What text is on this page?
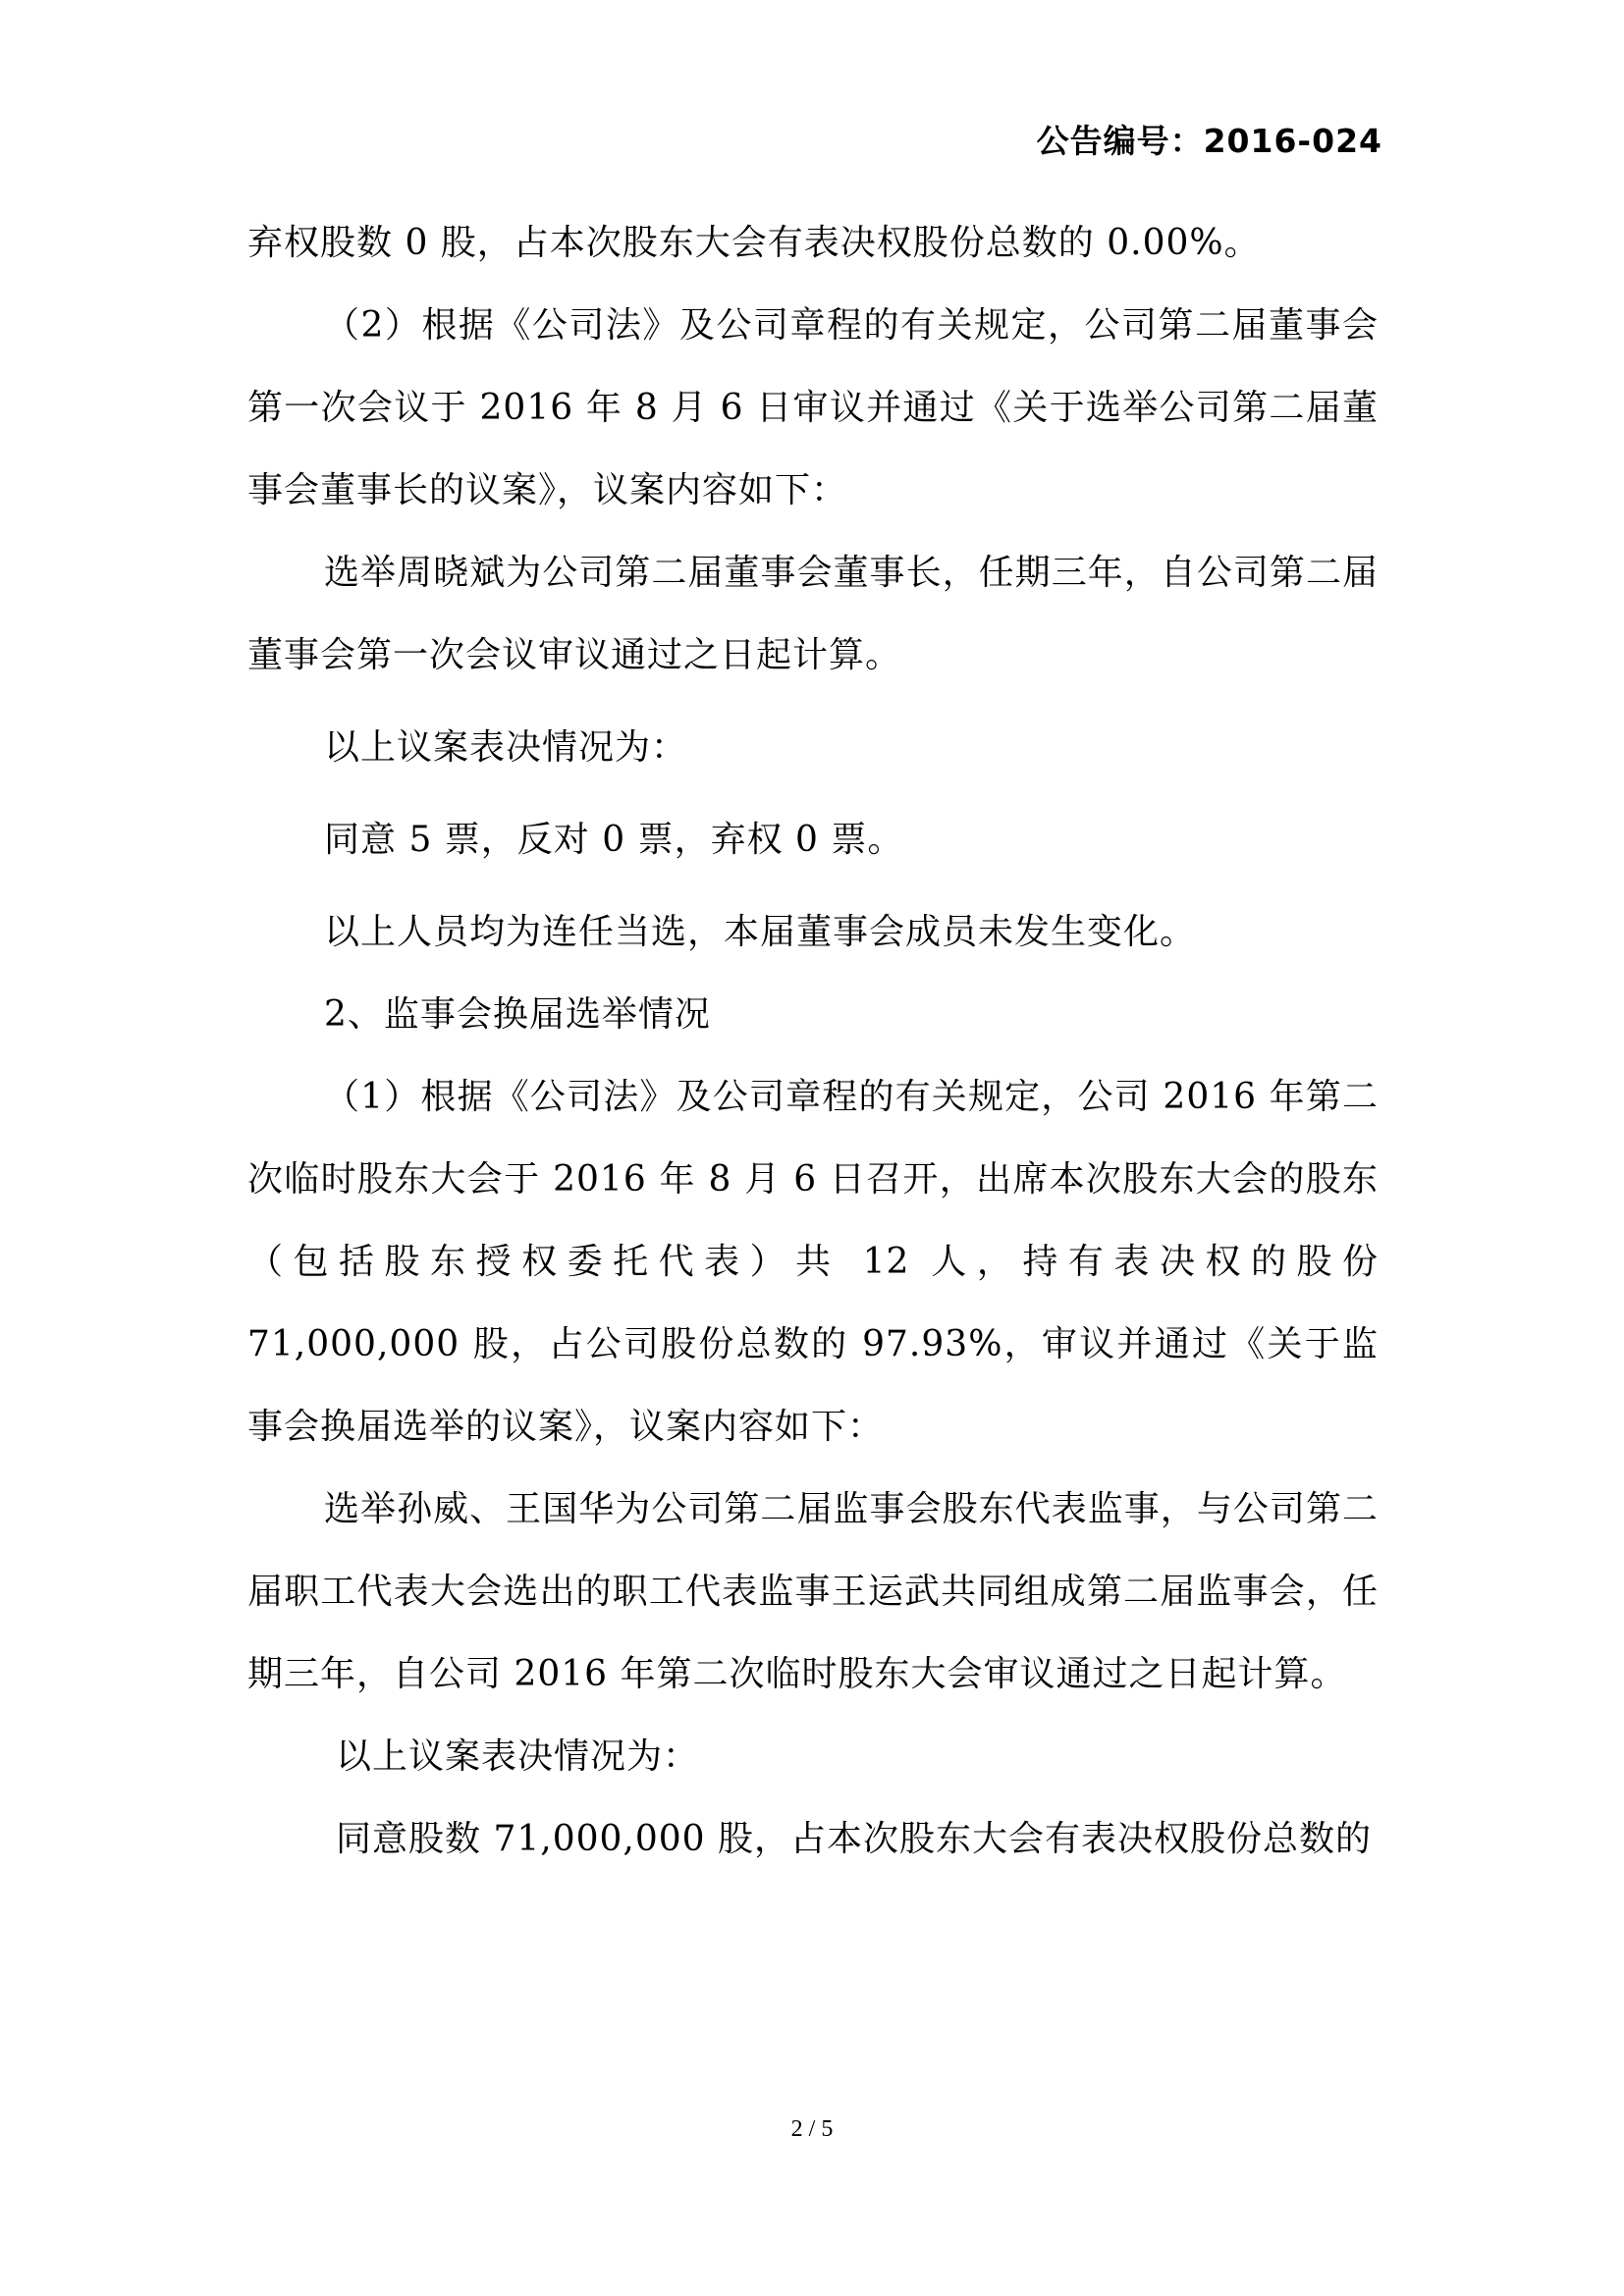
公告编号：2016-024

弃权股数 0 股，占本次股东大会有表决权股份总数的 0.00%。

（2）根据《公司法》及公司章程的有关规定，公司第二届董事会第一次会议于 2016 年 8 月 6 日审议并通过《关于选举公司第二届董事会董事长的议案》，议案内容如下：

选举周晓斌为公司第二届董事会董事长，任期三年，自公司第二届董事会第一次会议审议通过之日起计算。

以上议案表决情况为：

同意 5 票，反对 0 票，弃权 0 票。

以上人员均为连任当选，本届董事会成员未发生变化。

2、监事会换届选举情况

（1）根据《公司法》及公司章程的有关规定，公司 2016 年第二次临时股东大会于 2016 年 8 月 6 日召开，出席本次股东大会的股东（包括股东授权委托代表）共 12 人，持有表决权的股份 71,000,000 股，占公司股份总数的 97.93%，审议并通过《关于监事会换届选举的议案》，议案内容如下：

选举孙威、王国华为公司第二届监事会股东代表监事，与公司第二届职工代表大会选出的职工代表监事王运武共同组成第二届监事会，任期三年，自公司 2016 年第二次临时股东大会审议通过之日起计算。

以上议案表决情况为：

同意股数 71,000,000 股，占本次股东大会有表决权股份总数的

2 / 5
